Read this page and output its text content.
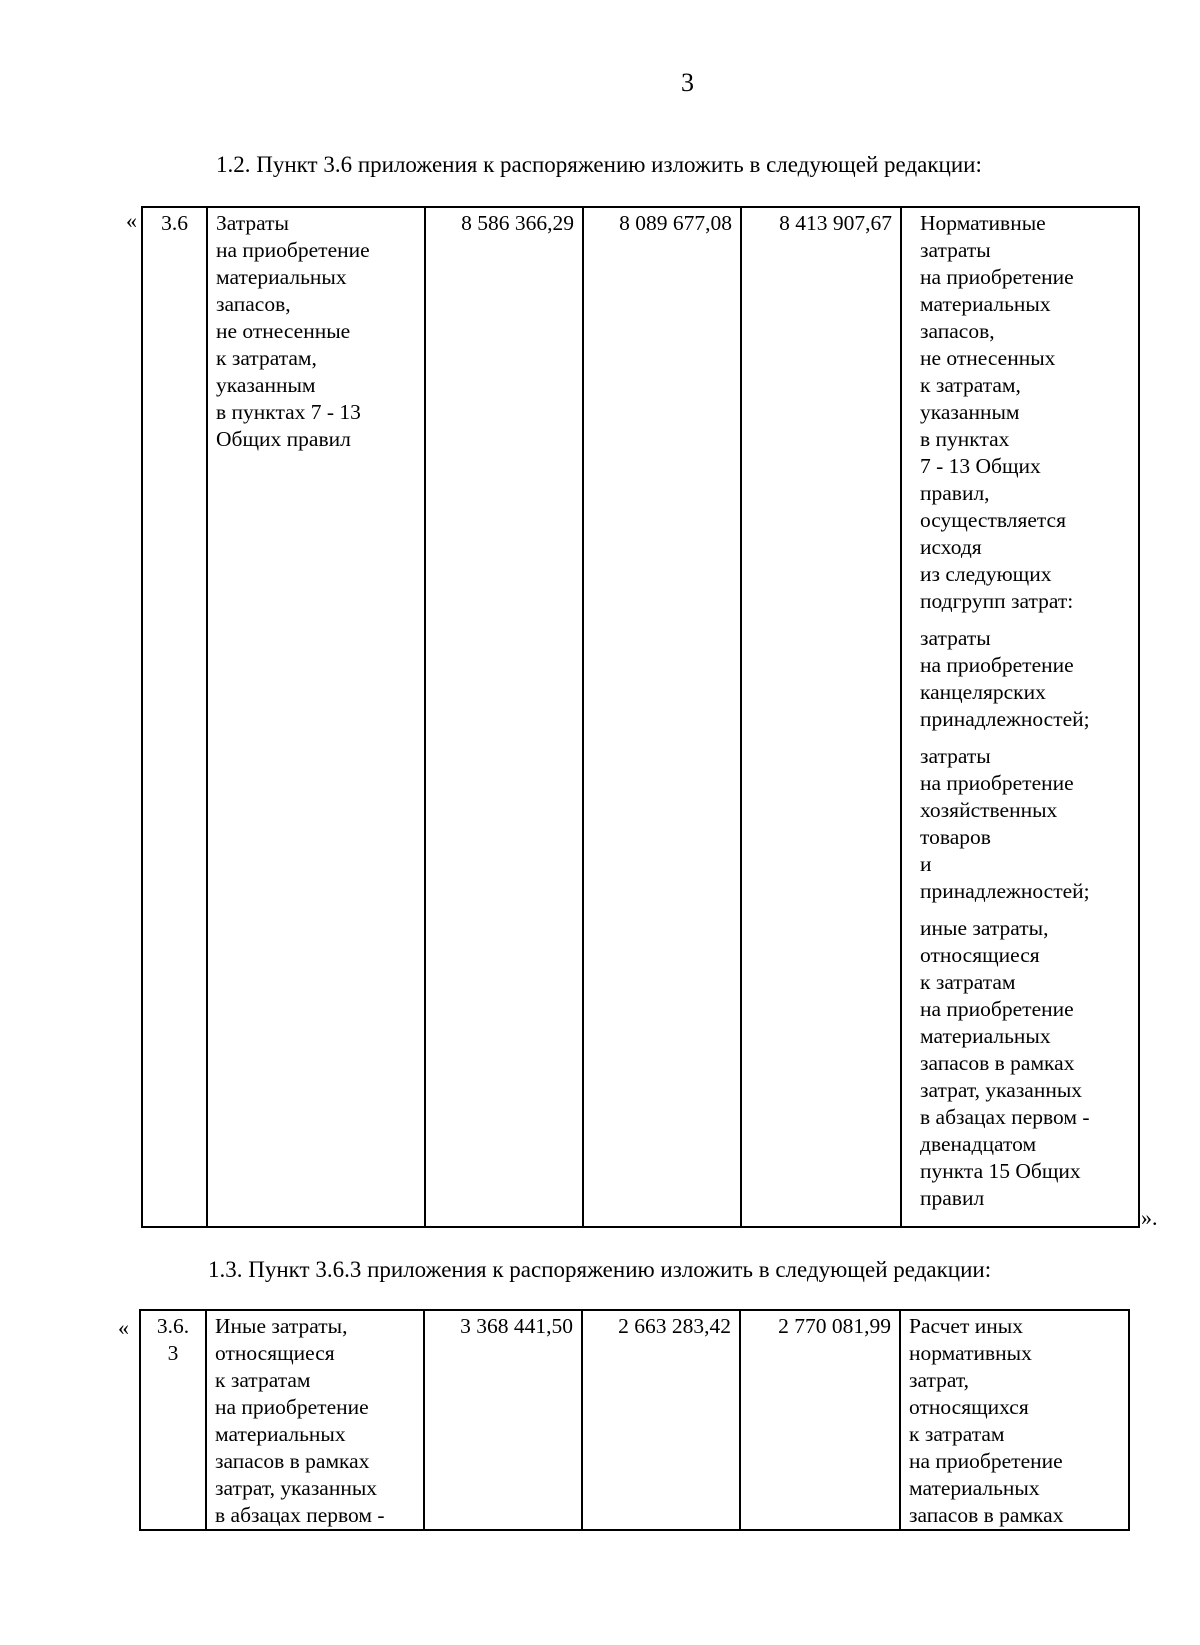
3
1.2. Пункт 3.6 приложения к распоряжению изложить в следующей редакции:
« 3.6	Затраты
на приобретение
материальных
запасов,
не отнесенные
к затратам,
указанным
в пунктах 7 - 13
Общих правил
	8 586 366,29	8 089 677,08	8 413 907,67	Нормативные
затраты
на приобретение
материальных
запасов,
не отнесенных
к затратам,
указанным
в пунктах
7 - 13 Общих
правил,
осуществляется
исходя
из следующих
подгрупп затрат:
затраты
на приобретение
канцелярских
принадлежностей;
затраты
на приобретение
хозяйственных
товаров
и
принадлежностей;
иные затраты,
относящиеся
к затратам
на приобретение
материальных
запасов в рамках
затрат, указанных
в абзацах первом -
двенадцатом
пункта 15 Общих
правил
».
1.3. Пункт 3.6.3 приложения к распоряжению изложить в следующей редакции:
«	3.6.
3

Иные затраты,
относящиеся
к затратам
на приобретение
материальных
запасов в рамках
затрат, указанных
в абзацах первом -
	3 368 441,50	2 663 283,42	2 770 081,99	Расчет иных
нормативных
затрат,
относящихся
к затратам
на приобретение
материальных
запасов в рамках
